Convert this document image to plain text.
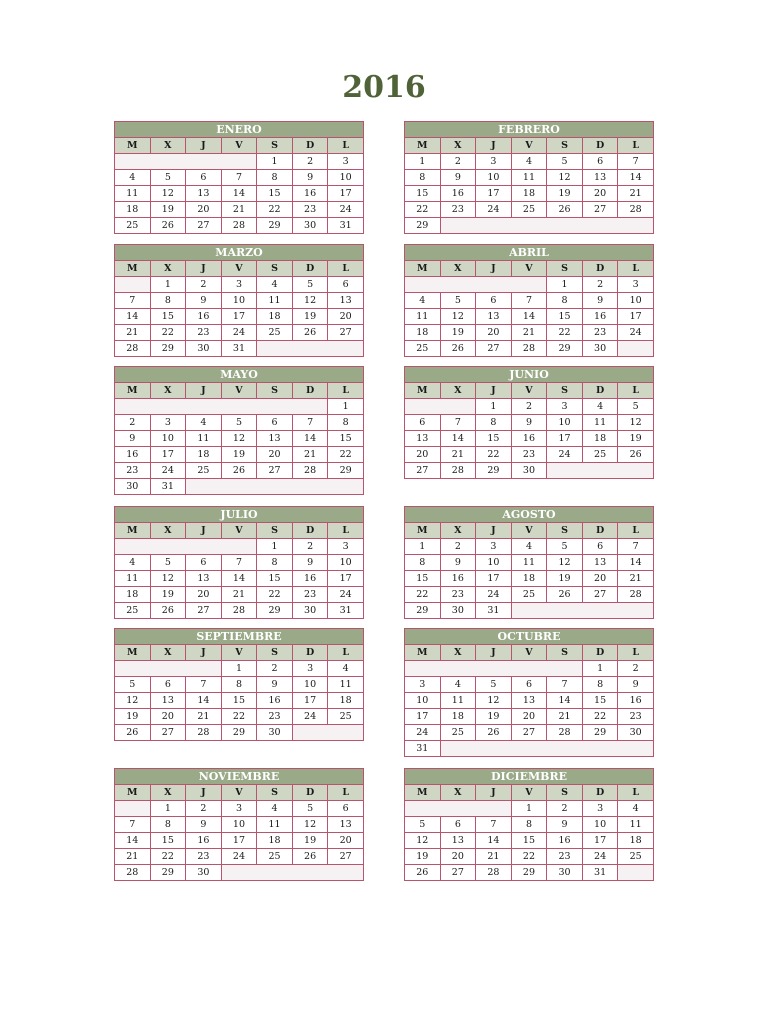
2016
ENERO						
M	X	J	V	S	D	L
				1	2	3
4	5	6	7	8	9	10
11	12	13	14	15	16	17
18	19	20	21	22	23	24
25	26	27	28	29	30	31
FEBRERO						
M	X	J	V	S	D	L
1	2	3	4	5	6	7
8	9	10	11	12	13	14
15	16	17	18	19	20	21
22	23	24	25	26	27	28
29						
MARZO						
M	X	J	V	S	D	L
	1	2	3	4	5	6
7	8	9	10	11	12	13
14	15	16	17	18	19	20
21	22	23	24	25	26	27
28	29	30	31			
ABRIL						
M	X	J	V	S	D	L
				1	2	3
4	5	6	7	8	9	10
11	12	13	14	15	16	17
18	19	20	21	22	23	24
25	26	27	28	29	30	
MAYO						
M	X	J	V	S	D	L
						1
2	3	4	5	6	7	8
9	10	11	12	13	14	15
16	17	18	19	20	21	22
23	24	25	26	27	28	29
30	31					
JUNIO						
M	X	J	V	S	D	L
		1	2	3	4	5
6	7	8	9	10	11	12
13	14	15	16	17	18	19
20	21	22	23	24	25	26
27	28	29	30			
JULIO						
M	X	J	V	S	D	L
				1	2	3
4	5	6	7	8	9	10
11	12	13	14	15	16	17
18	19	20	21	22	23	24
25	26	27	28	29	30	31
AGOSTO						
M	X	J	V	S	D	L
1	2	3	4	5	6	7
8	9	10	11	12	13	14
15	16	17	18	19	20	21
22	23	24	25	26	27	28
29	30	31				
SEPTIEMBRE						
M	X	J	V	S	D	L
			1	2	3	4
5	6	7	8	9	10	11
12	13	14	15	16	17	18
19	20	21	22	23	24	25
26	27	28	29	30		
OCTUBRE						
M	X	J	V	S	D	L
					1	2
3	4	5	6	7	8	9
10	11	12	13	14	15	16
17	18	19	20	21	22	23
24	25	26	27	28	29	30
31						
NOVIEMBRE						
M	X	J	V	S	D	L
	1	2	3	4	5	6
7	8	9	10	11	12	13
14	15	16	17	18	19	20
21	22	23	24	25	26	27
28	29	30				
DICIEMBRE						
M	X	J	V	S	D	L
			1	2	3	4
5	6	7	8	9	10	11
12	13	14	15	16	17	18
19	20	21	22	23	24	25
26	27	28	29	30	31	
